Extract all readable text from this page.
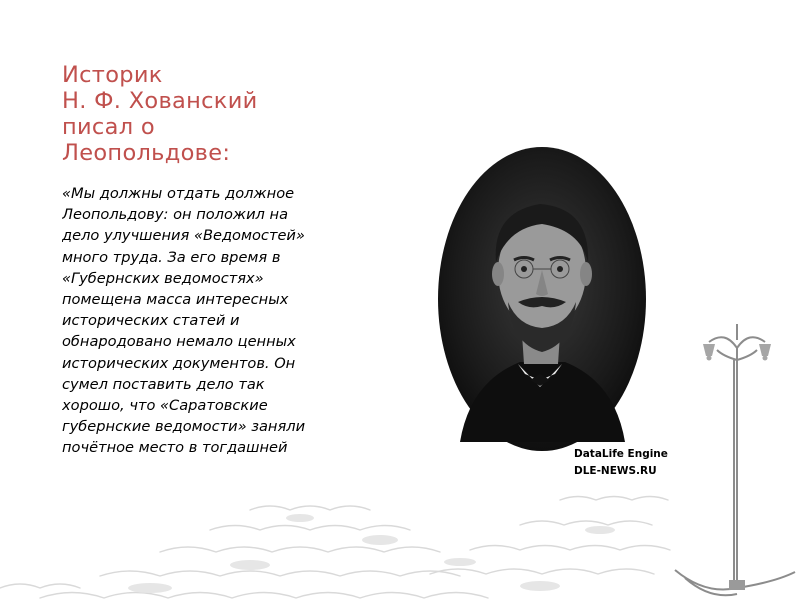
Историк
Н. Ф. Хованский
писал о
Леопольдове:
«Мы должны отдать должное Леопольдову: он положил на дело улучшения «Ведомостей» много труда. За его время в «Губернских ведомостях» помещена масса интересных исторических статей и обнародовано немало ценных исторических документов. Он сумел поставить дело так хорошо, что «Саратовские губернские ведомости» заняли почётное место в тогдашней	DataLife Engine
DLE-NEWS.RU
